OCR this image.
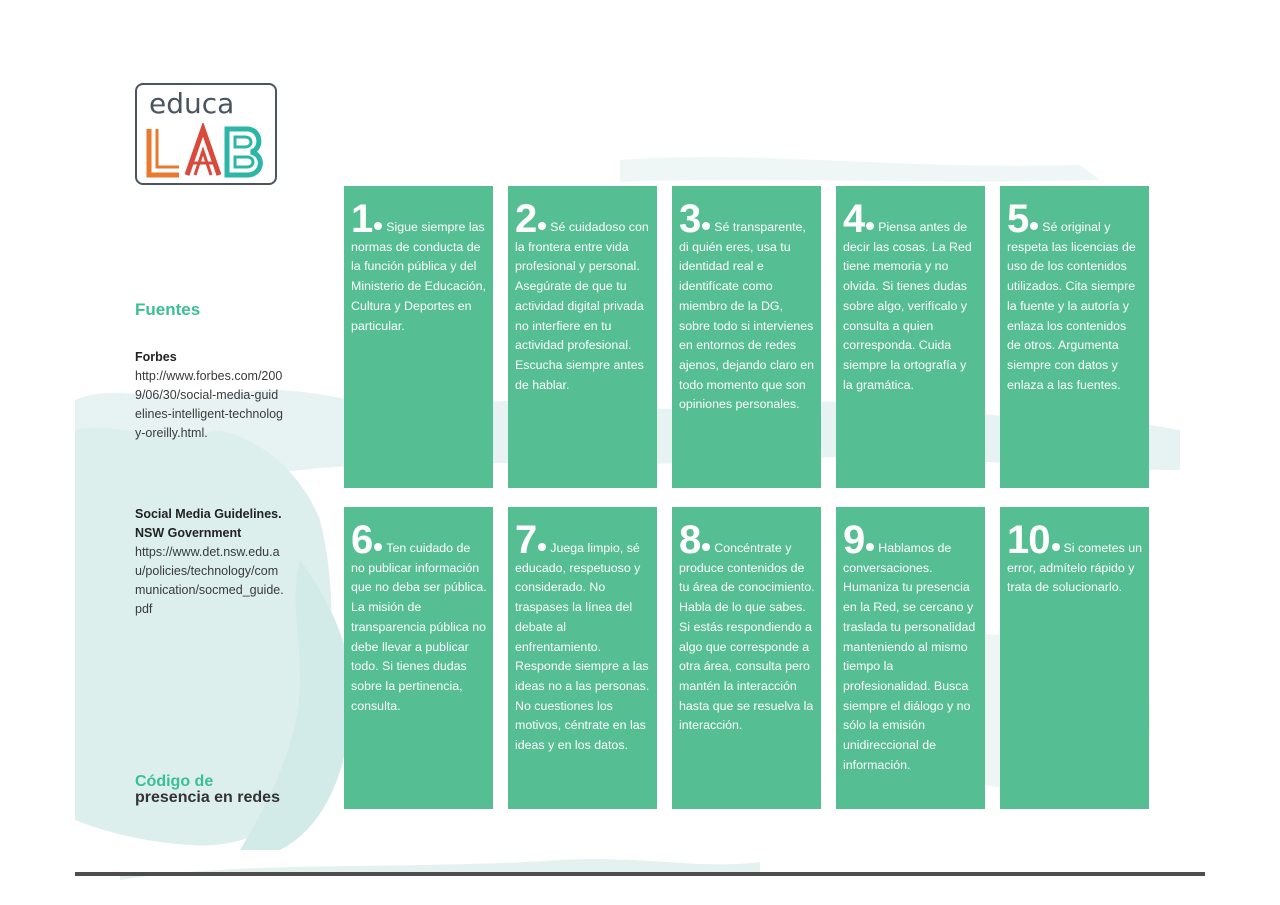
educa
Fuentes
Forbes
http://www.forbes.com/2009/06/30/social-media-guidelines-intelligent-technology-oreilly.html.
Social Media Guidelines. NSW Government
https://www.det.nsw.edu.au/policies/technology/communication/socmed_guide.pdf
Código de
presencia en redes
1 Sigue siempre las normas de conducta de la función pública y del Ministerio de Educación, Cultura y Deportes en particular.
2 Sé cuidadoso con la frontera entre vida profesional y personal. Asegúrate de que tu actividad digital privada no interfiere en tu actividad profesional. Escucha siempre antes de hablar.
3 Sé transparente, di quién eres, usa tu identidad real e identifícate como miembro de la DG, sobre todo si intervienes en entornos de redes ajenos, dejando claro en todo momento que son opiniones personales.
4 Piensa antes de decir las cosas. La Red tiene memoria y no olvida. Si tienes dudas sobre algo, verifícalo y consulta a quien corresponda. Cuida siempre la ortografía y la gramática.
5 Sé original y respeta las licencias de uso de los contenidos utilizados. Cita siempre la fuente y la autoría y enlaza los contenidos de otros. Argumenta siempre con datos y enlaza a las fuentes.
6 Ten cuidado de no publicar información que no deba ser pública. La misión de transparencia pública no debe llevar a publicar todo. Si tienes dudas sobre la pertinencia, consulta.
7 Juega limpio, sé educado, respetuoso y considerado. No traspases la línea del debate al enfrentamiento. Responde siempre a las ideas no a las personas. No cuestiones los motivos, céntrate en las ideas y en los datos.
8 Concéntrate y produce contenidos de tu área de conocimiento. Habla de lo que sabes. Si estás respondiendo a algo que corresponde a otra área, consulta pero mantén la interacción hasta que se resuelva la interacción.
9 Hablamos de conversaciones. Humaniza tu presencia en la Red, se cercano y traslada tu personalidad manteniendo al mismo tiempo la profesionalidad. Busca siempre el diálogo y no sólo la emisión unidireccional de información.
10 Si cometes un error, admítelo rápido y trata de solucionarlo.
